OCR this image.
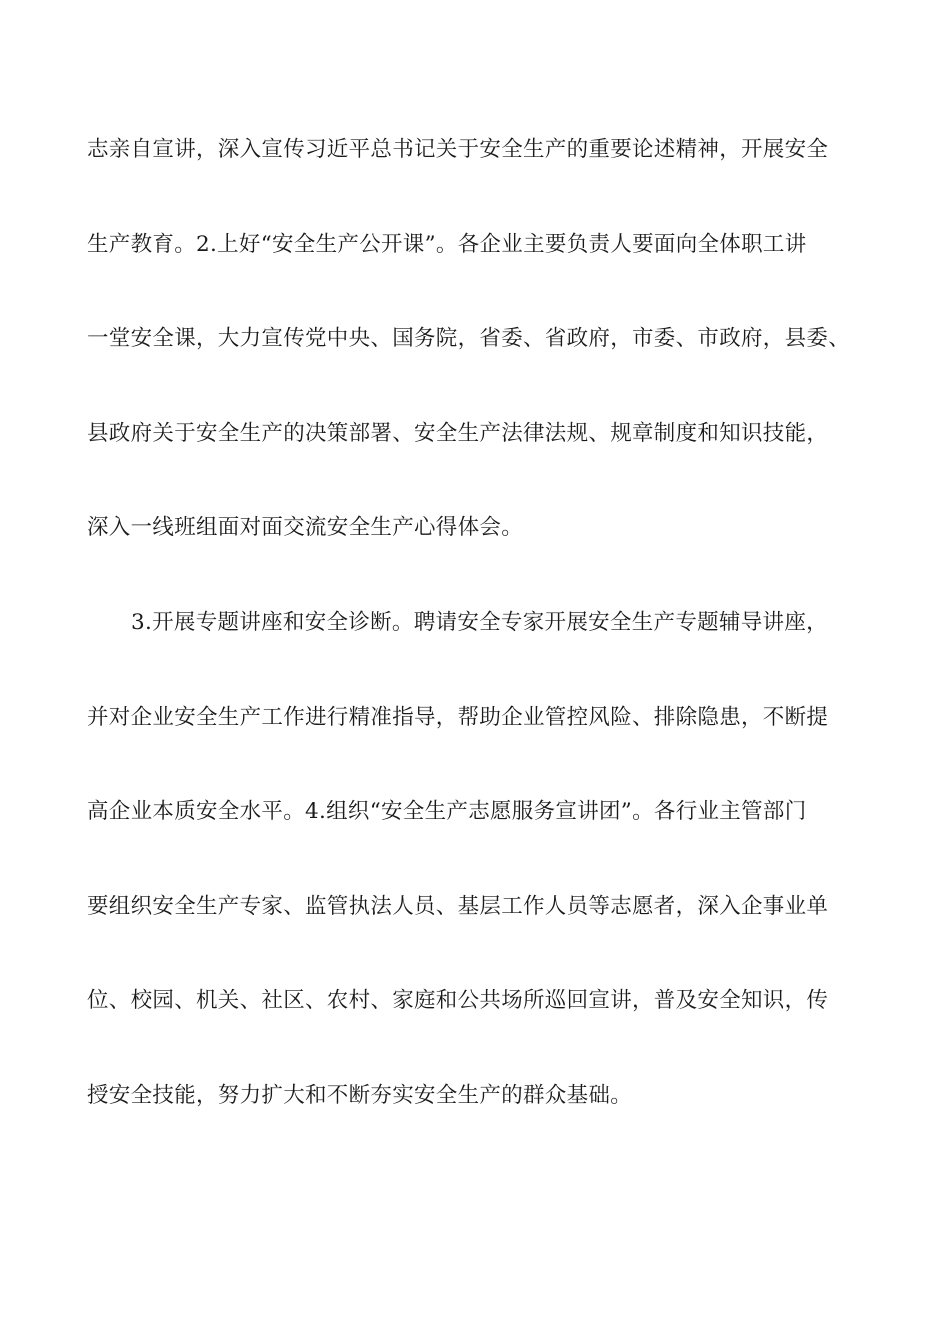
志亲自宣讲，深入宣传习近平总书记关于安全生产的重要论述精神，开展安全
生产教育。2.上好“安全生产公开课”。各企业主要负责人要面向全体职工讲
一堂安全课，大力宣传党中央、国务院，省委、省政府，市委、市政府，县委、
县政府关于安全生产的决策部署、安全生产法律法规、规章制度和知识技能，
深入一线班组面对面交流安全生产心得体会。
3.开展专题讲座和安全诊断。聘请安全专家开展安全生产专题辅导讲座，
并对企业安全生产工作进行精准指导，帮助企业管控风险、排除隐患，不断提
高企业本质安全水平。4.组织“安全生产志愿服务宣讲团”。各行业主管部门
要组织安全生产专家、监管执法人员、基层工作人员等志愿者，深入企事业单
位、校园、机关、社区、农村、家庭和公共场所巡回宣讲，普及安全知识，传
授安全技能，努力扩大和不断夯实安全生产的群众基础。
